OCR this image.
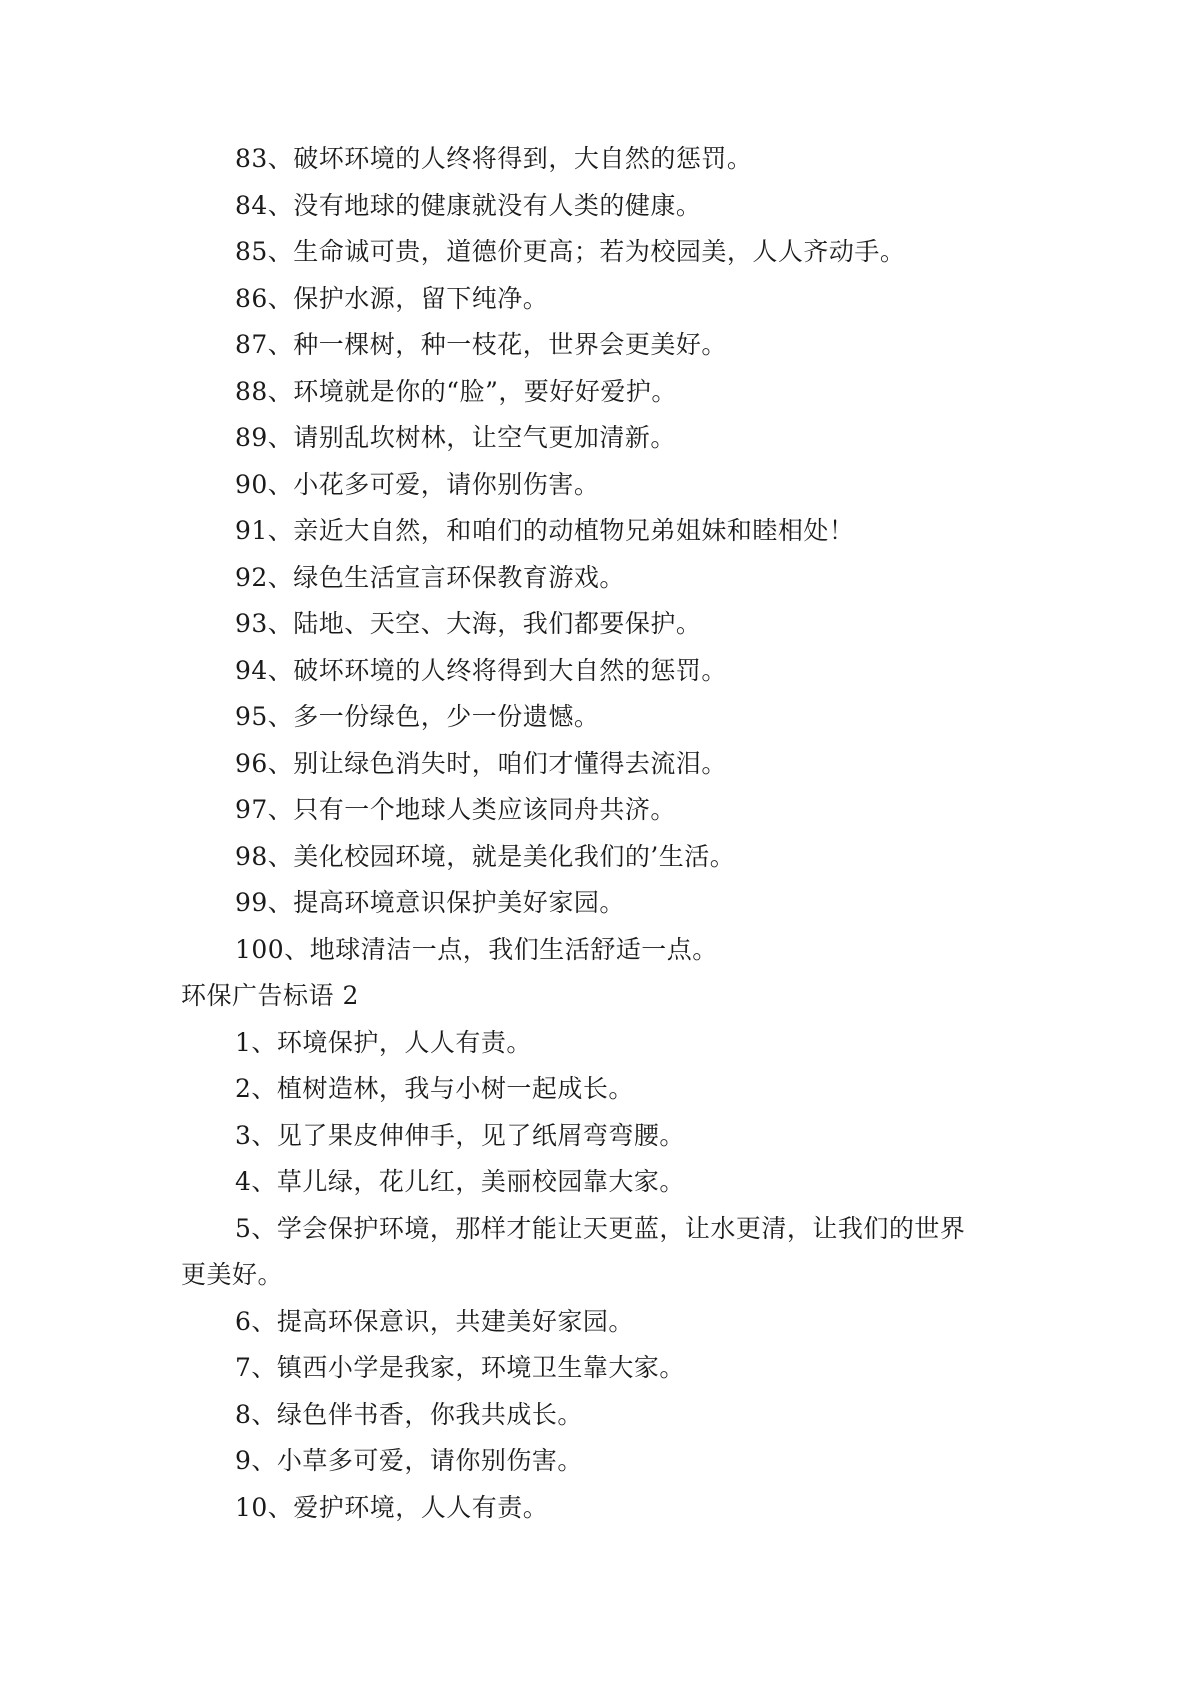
83、破坏环境的人终将得到，大自然的惩罚。
84、没有地球的健康就没有人类的健康。
85、生命诚可贵，道德价更高；若为校园美，人人齐动手。
86、保护水源，留下纯净。
87、种一棵树，种一枝花，世界会更美好。
88、环境就是你的“脸”，要好好爱护。
89、请别乱坎树林，让空气更加清新。
90、小花多可爱，请你别伤害。
91、亲近大自然，和咱们的动植物兄弟姐妹和睦相处！
92、绿色生活宣言环保教育游戏。
93、陆地、天空、大海，我们都要保护。
94、破坏环境的人终将得到大自然的惩罚。
95、多一份绿色，少一份遗憾。
96、别让绿色消失时，咱们才懂得去流泪。
97、只有一个地球人类应该同舟共济。
98、美化校园环境，就是美化我们的’生活。
99、提高环境意识保护美好家园。
100、地球清洁一点，我们生活舒适一点。
环保广告标语 2
1、环境保护，人人有责。
2、植树造林，我与小树一起成长。
3、见了果皮伸伸手，见了纸屑弯弯腰。
4、草儿绿，花儿红，美丽校园靠大家。
5、学会保护环境，那样才能让天更蓝，让水更清，让我们的世界
更美好。
6、提高环保意识，共建美好家园。
7、镇西小学是我家，环境卫生靠大家。
8、绿色伴书香，你我共成长。
9、小草多可爱，请你别伤害。
10、爱护环境，人人有责。
